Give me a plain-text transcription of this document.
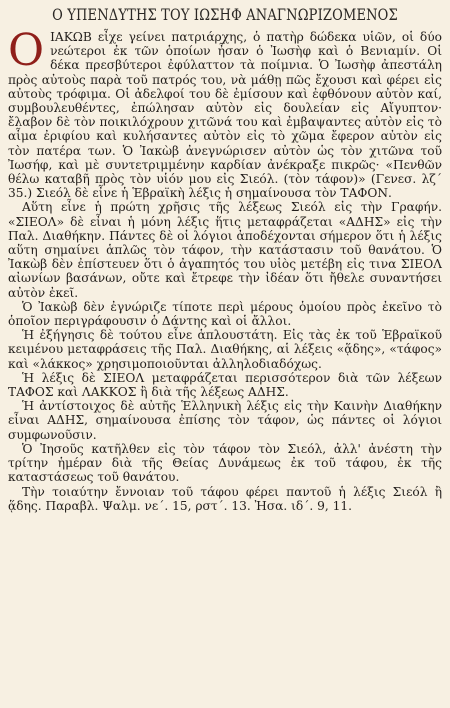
Ο ΥΠΕΝΔΥΤΗΣ ΤΟΥ ΙΩΣΗΦ ΑΝΑΓΝΩΡΙΖΟΜΕΝΟΣ

Ο ΙΑΚΩΒ εἶχε γείνει πατριάρχης, ὁ πατὴρ δώδεκα υἱῶν, οἱ δύο νεώτεροι ἐκ τῶν ὁποίων ἦσαν ὁ Ἰωσὴφ καὶ ὁ Βενιαμίν. Οἱ δέκα πρεσβύτεροι ἐφύλαττον τὰ ποίμνια. Ὁ Ἰωσὴφ ἀπεστάλη πρὸς αὐτοὺς παρὰ τοῦ πατρός του, νὰ μάθῃ πῶς ἔχουσι καὶ φέρει εἰς αὐτοὺς τρόφιμα. Οἱ ἀδελφοί του δὲ ἐμίσουν καὶ ἐφθόνουν αὐτὸν καί, συμβουλευθέντες, ἐπώλησαν αὐτὸν εἰς δουλείαν εἰς Αἴγυπτον· ἔλαβον δὲ τὸν ποικιλόχρουν χιτῶνά του καὶ ἐμβαψαντες αὐτὸν εἰς τὸ αἷμα ἐριφίου καὶ κυλήσαντες αὐτὸν εἰς τὸ χῶμα ἔφερον αὐτὸν εἰς τὸν πατέρα των. Ὁ Ἰακὼβ ἀνεγνώρισεν αὐτὸν ὡς τὸν χιτῶνα τοῦ Ἰωσήφ, καὶ μὲ συντετριμμένην καρδίαν ἀνέκραξε πικρῶς· «Πενθῶν θέλω καταβῆ πρὸς τὸν υἱόν μου εἰς Σιεόλ. (τὸν τάφον)» (Γενεσ. λζ΄ 35.) Σιεόλ δὲ εἶνε ἡ Ἑβραϊκὴ λέξις ἡ σημαίνουσα τὸν ΤΑΦΟΝ.

Αὕτη εἶνε ἡ πρώτη χρῆσις τῆς λέξεως Σιεόλ εἰς τὴν Γραφήν. «ΣΙΕΟΛ» δὲ εἶναι ἡ μόνη λέξις ἥτις μεταφράζεται «ΑΔΗΣ» εἰς τὴν Παλ. Διαθήκην. Πάντες δὲ οἱ λόγιοι ἀποδέχονται σήμερον ὅτι ἡ λέξις αὕτη σημαίνει ἁπλῶς τὸν τάφον, τὴν κατάστασιν τοῦ θανάτου. Ὁ Ἰακὼβ δὲν ἐπίστευεν ὅτι ὁ ἀγαπητός του υἱὸς μετέβη εἰς τινα ΣΙΕΟΛ αἰωνίων βασάνων, οὔτε καὶ ἔτρεφε τὴν ἰδέαν ὅτι ἤθελε συναντήσει αὐτὸν ἐκεῖ.

Ὁ Ἰακὼβ δὲν ἐγνώριζε τίποτε περὶ μέρους ὁμοίου πρὸς ἐκεῖνο τὸ ὁποῖον περιγράφουσιν ὁ Δάντης καὶ οἱ ἄλλοι.

Ἡ ἐξήγησις δὲ τούτου εἶνε ἁπλουστάτη. Εἰς τὰς ἐκ τοῦ Ἑβραϊκοῦ κειμένου μεταφράσεις τῆς Παλ. Διαθήκης, αἱ λέξεις «ᾅδης», «τάφος» καὶ «λάκκος» χρησιμοποιοῦνται ἀλληλοδιαδόχως.

Ἡ λέξις δὲ ΣΙΕΟΛ μεταφράζεται περισσότερον διὰ τῶν λέξεων ΤΑΦΟΣ καὶ ΛΑΚΚΟΣ ἢ διὰ τῆς λέξεως ΑΔΗΣ.

Ἡ ἀντίστοιχος δὲ αὐτῆς Ἑλληνικὴ λέξις εἰς τὴν Καινὴν Διαθήκην εἶναι ΑΔΗΣ, σημαίνουσα ἐπίσης τὸν τάφον, ὡς πάντες οἱ λόγιοι συμφωνοῦσιν.

Ὁ Ἰησοῦς κατῆλθεν εἰς τὸν τάφον τὸν Σιεόλ, ἀλλ' ἀνέστη τὴν τρίτην ἡμέραν διὰ τῆς Θείας Δυνάμεως ἐκ τοῦ τάφου, ἐκ τῆς καταστάσεως τοῦ θανάτου.

Τὴν τοιαύτην ἔννοιαν τοῦ τάφου φέρει παντοῦ ἡ λέξις Σιεόλ ἢ ᾅδης. Παραβλ. Ψαλμ. νε΄. 15, ρστ΄. 13. Ἠσα. ιδ΄. 9, 11.
